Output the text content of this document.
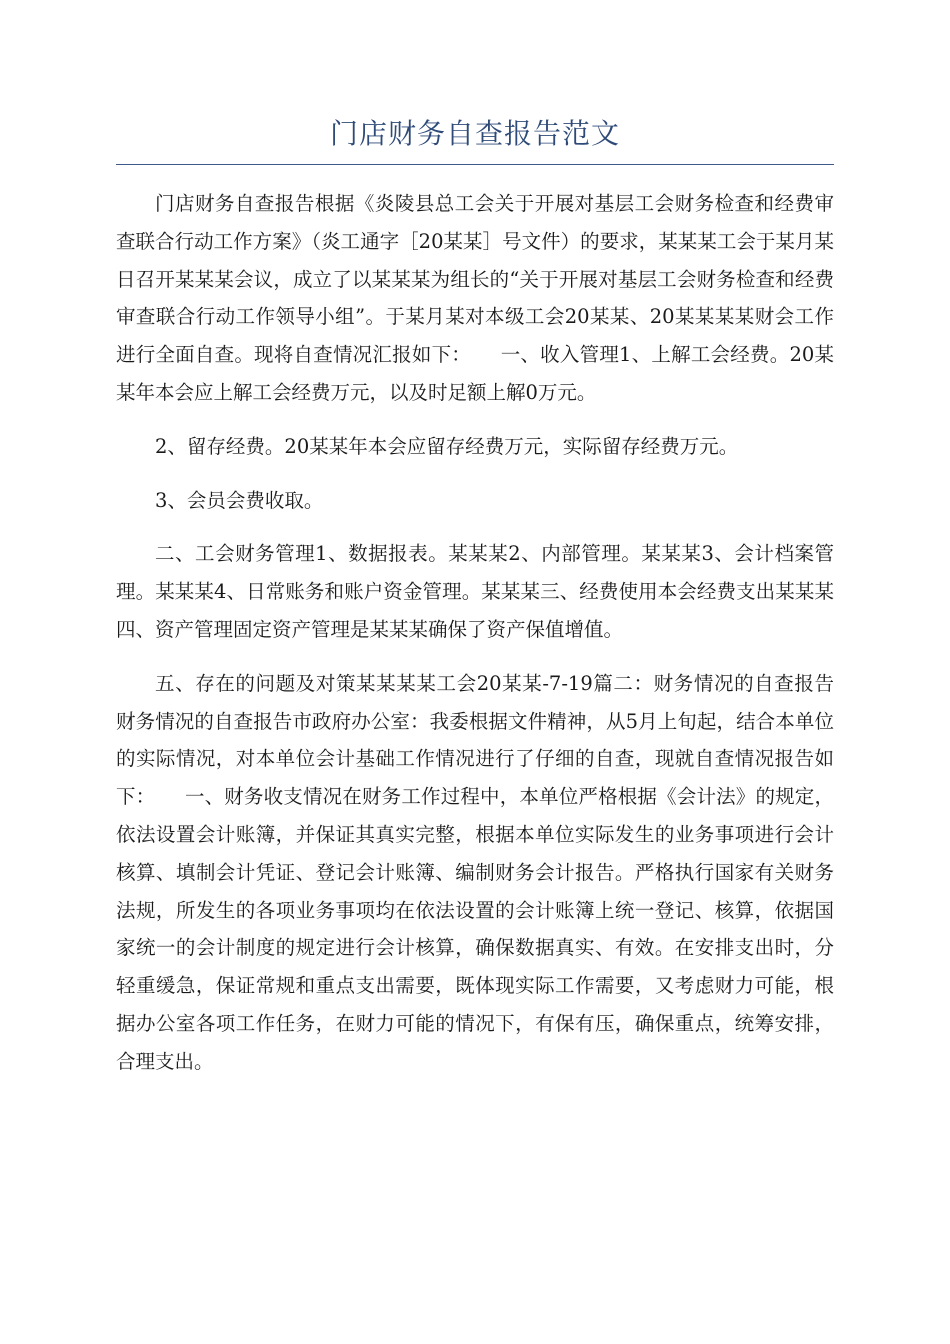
门店财务自查报告范文

门店财务自查报告根据《炎陵县总工会关于开展对基层工会财务检查和经费审查联合行动工作方案》（炎工通字［20某某］号文件）的要求，某某某工会于某月某日召开某某某会议，成立了以某某某为组长的“关于开展对基层工会财务检查和经费审查联合行动工作领导小组”。于某月某对本级工会20某某、20某某某某财会工作进行全面自查。现将自查情况汇报如下：　　一、收入管理1、上解工会经费。20某某年本会应上解工会经费万元，以及时足额上解0万元。

2、留存经费。20某某年本会应留存经费万元，实际留存经费万元。

3、会员会费收取。

二、工会财务管理1、数据报表。某某某2、内部管理。某某某3、会计档案管理。某某某4、日常账务和账户资金管理。某某某三、经费使用本会经费支出某某某四、资产管理固定资产管理是某某某确保了资产保值增值。

五、存在的问题及对策某某某某工会20某某-7-19篇二：财务情况的自查报告财务情况的自查报告市政府办公室：我委根据文件精神，从5月上旬起，结合本单位的实际情况，对本单位会计基础工作情况进行了仔细的自查，现就自查情况报告如下：　　一、财务收支情况在财务工作过程中，本单位严格根据《会计法》的规定，依法设置会计账簿，并保证其真实完整，根据本单位实际发生的业务事项进行会计核算、填制会计凭证、登记会计账簿、编制财务会计报告。严格执行国家有关财务法规，所发生的各项业务事项均在依法设置的会计账簿上统一登记、核算，依据国家统一的会计制度的规定进行会计核算，确保数据真实、有效。在安排支出时，分轻重缓急，保证常规和重点支出需要，既体现实际工作需要，又考虑财力可能，根据办公室各项工作任务，在财力可能的情况下，有保有压，确保重点，统筹安排，合理支出。
